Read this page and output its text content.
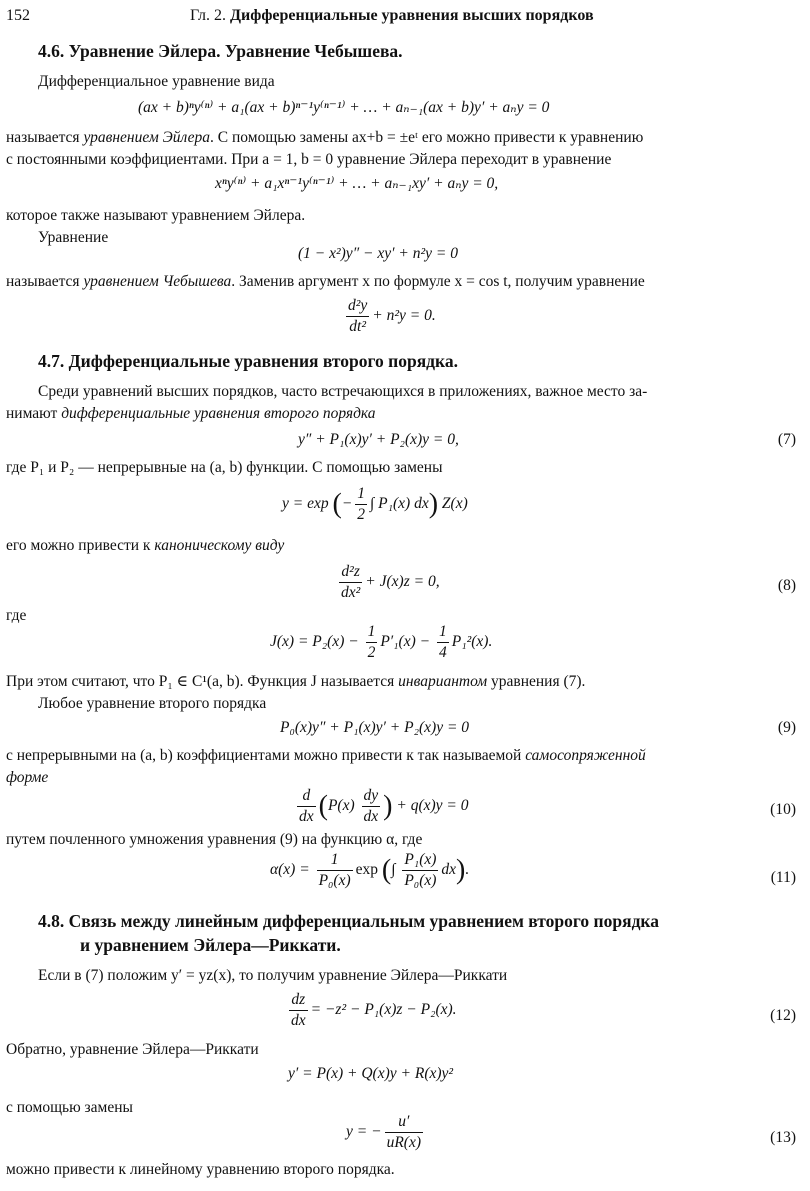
152	Гл. 2. Дифференциальные уравнения высших порядков
4.6. Уравнение Эйлера. Уравнение Чебышева.
Дифференциальное уравнение вида
(ax + b)ⁿy⁽ⁿ⁾ + a₁(ax + b)ⁿ⁻¹y⁽ⁿ⁻¹⁾ + … + aₙ₋₁(ax + b)y′ + aₙy = 0
называется уравнением Эйлера. С помощью замены ax+b = ±eᵗ его можно привести к уравнению
с постоянными коэффициентами. При a = 1, b = 0 уравнение Эйлера переходит в уравнение
xⁿy⁽ⁿ⁾ + a₁xⁿ⁻¹y⁽ⁿ⁻¹⁾ + … + aₙ₋₁xy′ + aₙy = 0,
которое также называют уравнением Эйлера.
Уравнение
(1 − x²)y″ − xy′ + n²y = 0
называется уравнением Чебышева. Заменив аргумент x по формуле x = cos t, получим уравнение
$\frac{\text{d²y}}{\text{dt²}} + n^2y = 0$.
4.7. Дифференциальные уравнения второго порядка.
Среди уравнений высших порядков, часто встречающихся в приложениях, важное место за-
нимают дифференциальные уравнения второго порядка
y″ + P₁(x)y′ + P₂(x)y = 0,	(7)
где P₁ и P₂ — непрерывные на (a, b) функции. С помощью замены
y = exp (− $\frac{1}{2}$ ∫ P₁(x) dx) Z(x)
его можно привести к каноническому виду
$\frac{\text{d²z}}{\text{dx²}} + J(x)z = 0$,	(8)
где
$J(x) = P_2(x) - \frac{1}{2} P'_1(x) - \frac{1}{4} P_1^2(x)$.
При этом считают, что P₁ ∈ C¹(a, b). Функция J называется инвариантом уравнения (7).
Любое уравнение второго порядка
P₀(x)y″ + P₁(x)y′ + P₂(x)y = 0	(9)
с непрерывными на (a, b) коэффициентами можно привести к так называемой самосопряженной
форме
$\frac{d}{dx} (P(x) \frac{dy}{dx}$ ) + q(x)y = 0	(10)
путем почленного умножения уравнения (9) на функцию α, где
$\alpha(x) = \frac{1}{\text{P₀(x)}}$ exp (∫ $\frac{\text{P₁(x)}}{\text{P₀(x)}} dx$).	(11)
4.8. Связь между линейным дифференциальным уравнением второго порядка
и уравнением Эйлера—Риккати.
Если в (7) положим y′ = yz(x), то получим уравнение Эйлера—Риккати
$\frac{dz}{dx} = -z^2 - P_1(x)z - P_2(x)$.	(12)
Обратно, уравнение Эйлера—Риккати
y′ = P(x) + Q(x)y + R(x)y²
с помощью замены
y = − $\frac{u'}{uR(x)}$	(13)
можно привести к линейному уравнению второго порядка.
